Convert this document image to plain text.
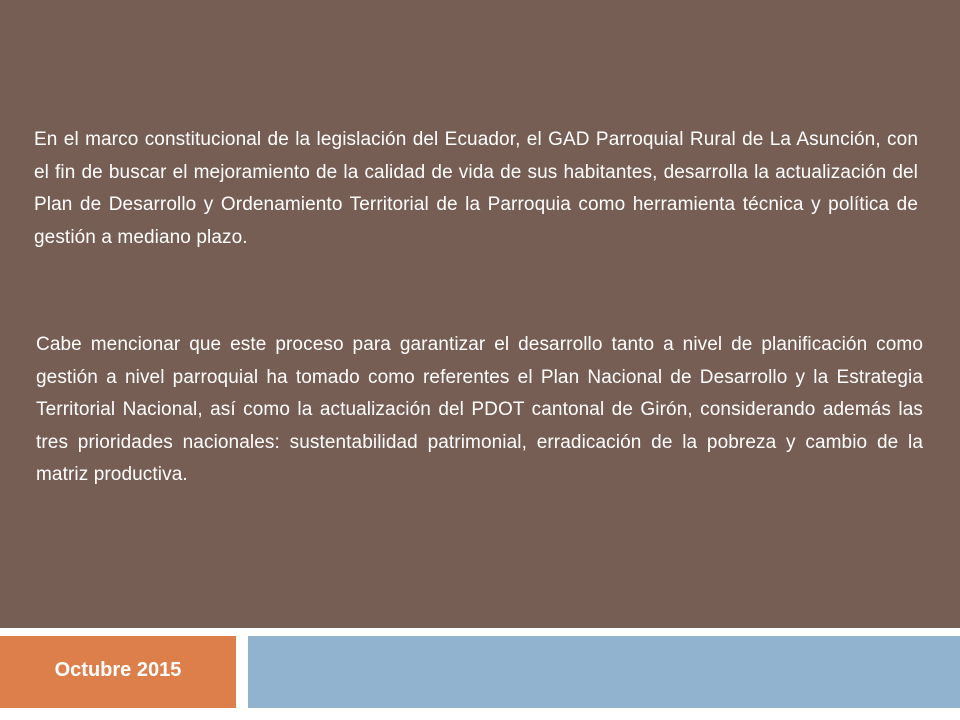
En el marco constitucional de la legislación del Ecuador, el GAD Parroquial Rural de La Asunción, con el fin de buscar el mejoramiento de la calidad de vida de sus habitantes, desarrolla la actualización del Plan de Desarrollo y Ordenamiento Territorial de la Parroquia como herramienta técnica y política de gestión a mediano plazo.

Cabe mencionar que este proceso para garantizar el desarrollo tanto a nivel de planificación como gestión a nivel parroquial ha tomado como referentes el Plan Nacional de Desarrollo y la Estrategia Territorial Nacional, así como la actualización del PDOT cantonal de Girón, considerando además las tres prioridades nacionales: sustentabilidad patrimonial, erradicación de la pobreza y cambio de la matriz productiva.

Octubre 2015
